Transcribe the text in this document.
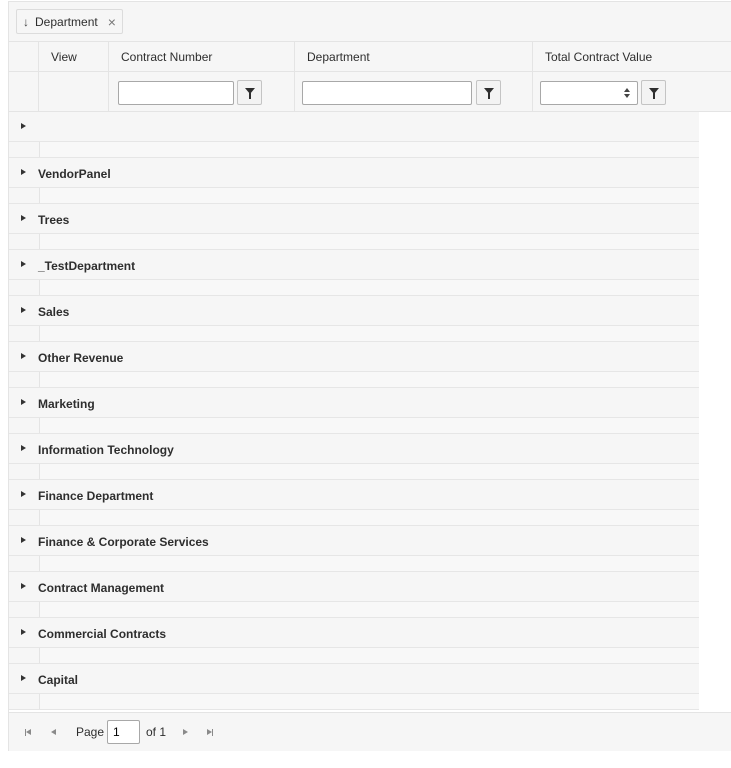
↓ Department ×
View	Contract Number	Department	Total Contract Value
VendorPanel
Trees
_TestDepartment
Sales
Other Revenue
Marketing
Information Technology
Finance Department
Finance & Corporate Services
Contract Management
Commercial Contracts
Capital
Page
1	of 1
